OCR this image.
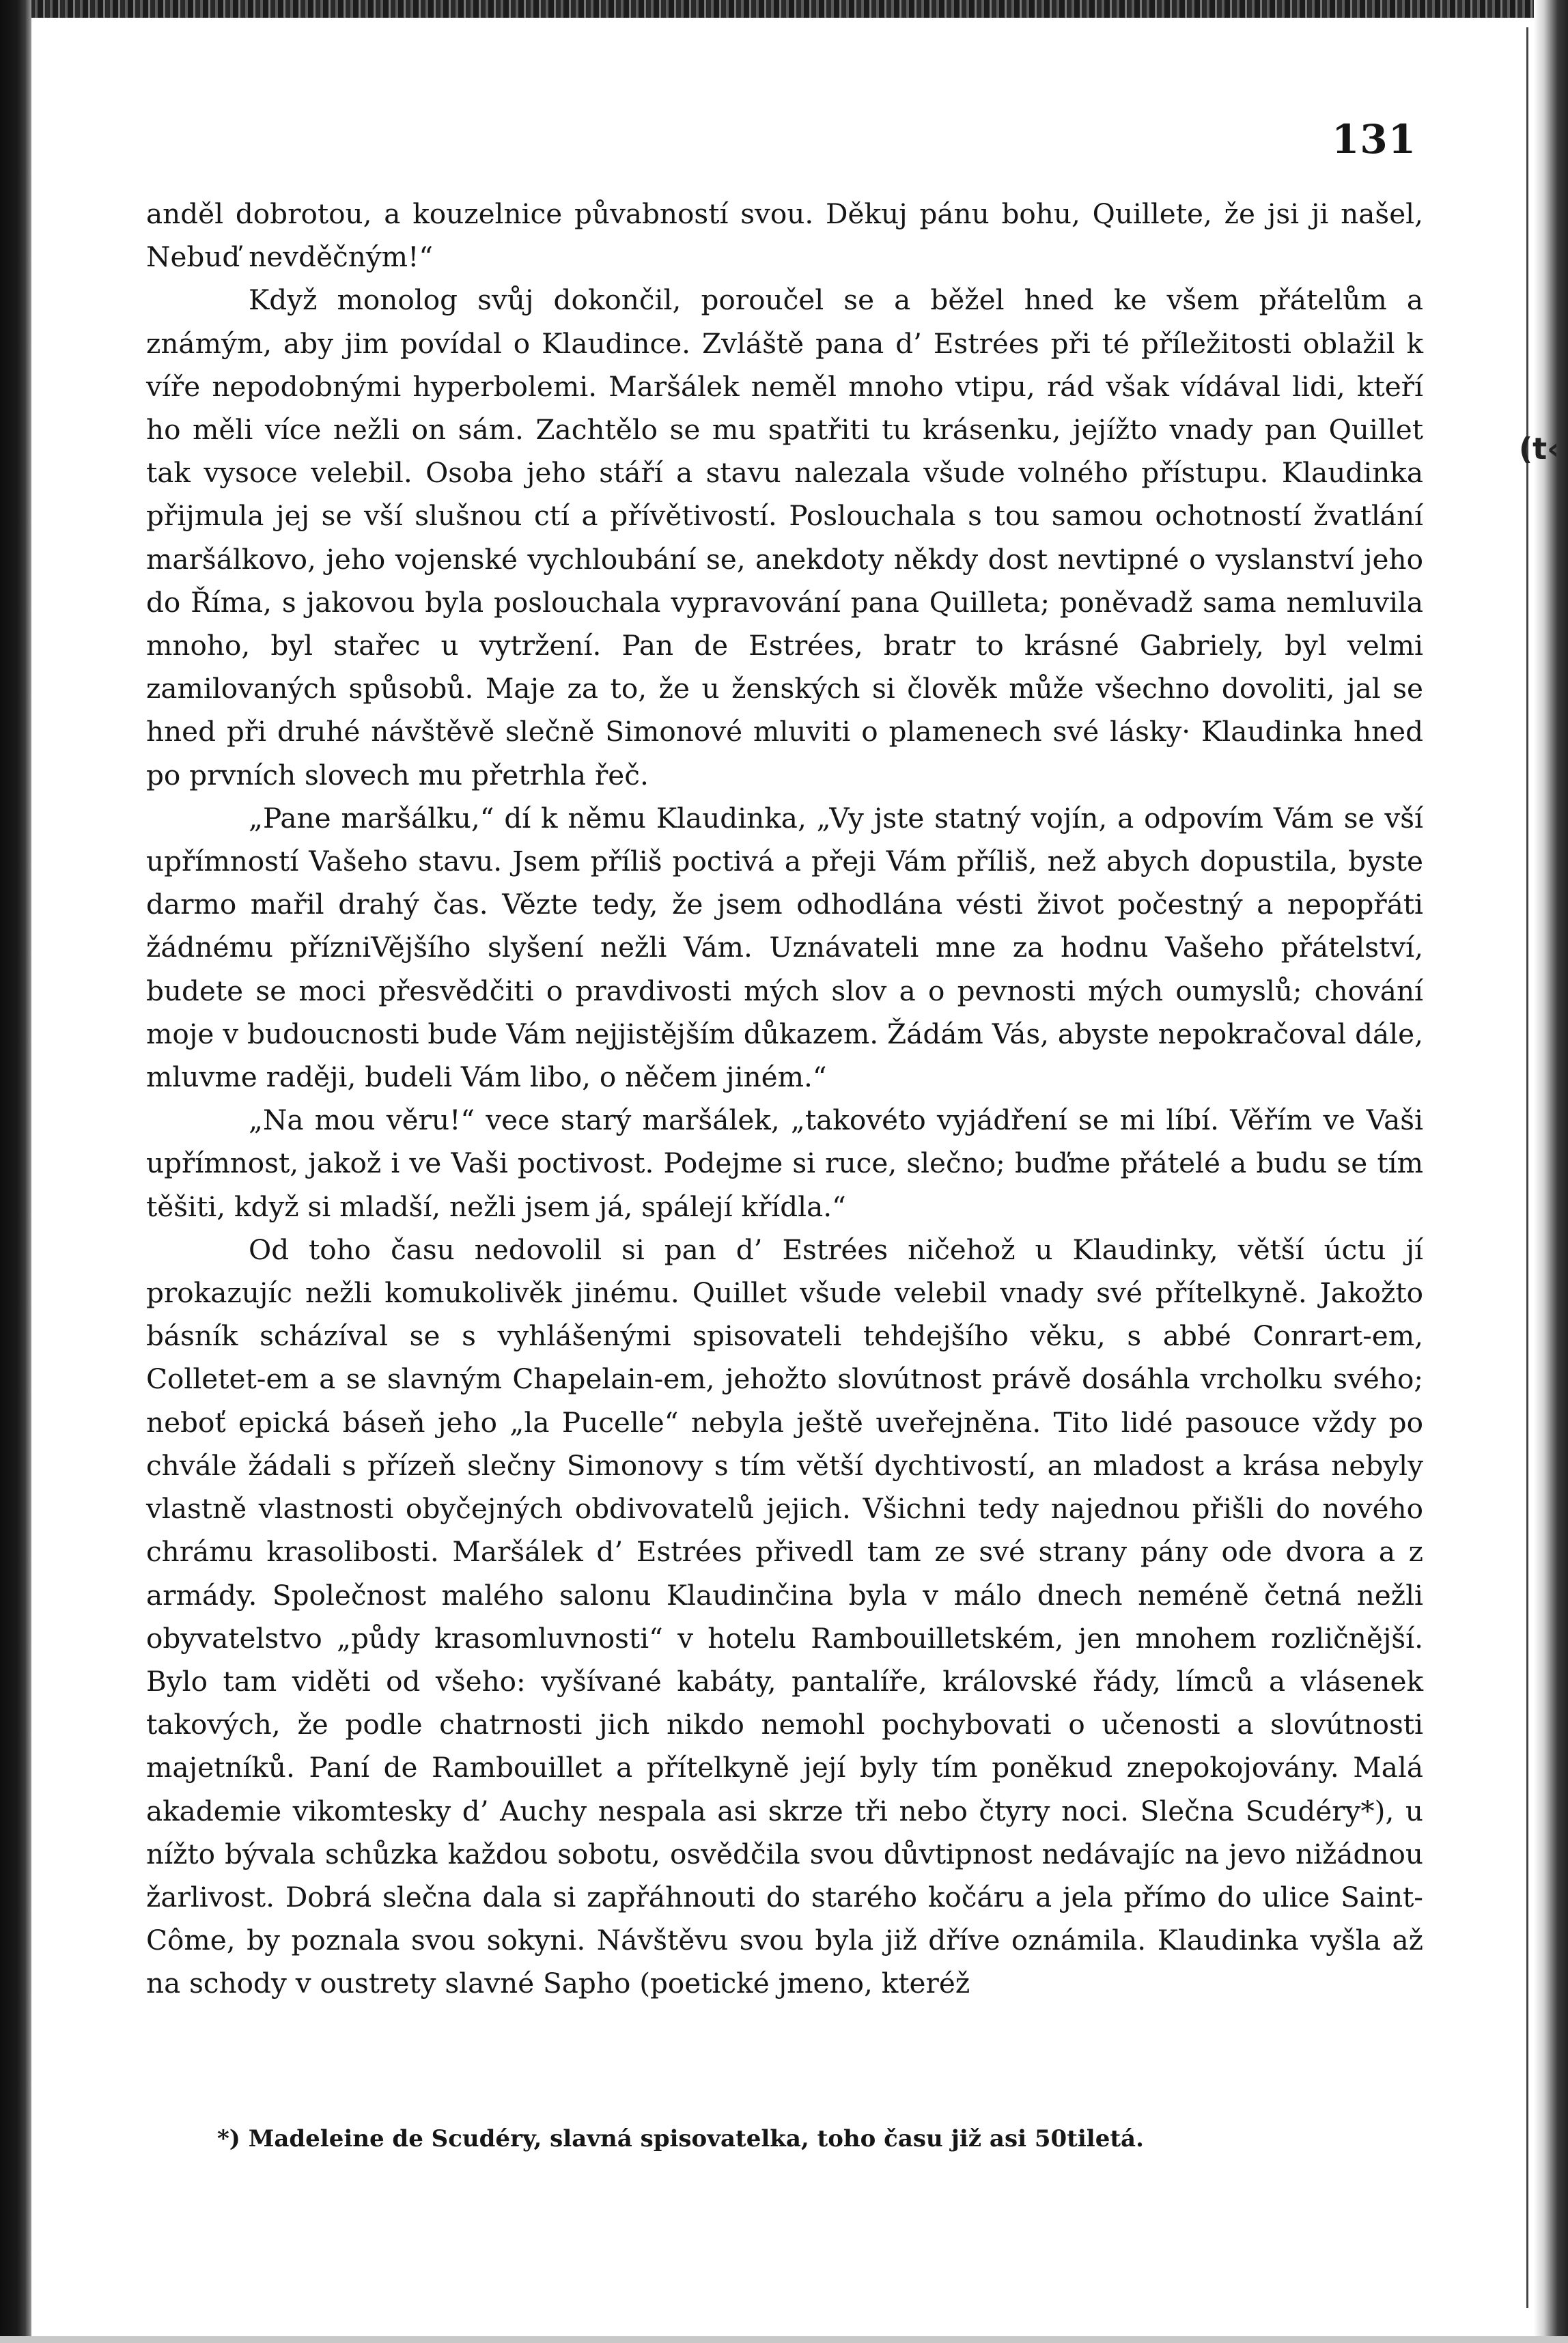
(t‹
131

anděl dobrotou, a kouzelnice půvabností svou. Děkuj pánu bohu, Quillete, že jsi ji našel, Nebuď nevděčným!“

Když monolog svůj dokončil, poroučel se a běžel hned ke všem přátelům a známým, aby jim povídal o Klaudince. Zvláště pana d’ Estrées při té příležitosti oblažil k víře nepodobnými hyperbolemi. Maršálek neměl mnoho vtipu, rád však vídával lidi, kteří ho měli více nežli on sám. Zachtělo se mu spatřiti tu krásenku, jejížto vnady pan Quillet tak vysoce velebil. Osoba jeho stáří a stavu nalezala všude volného přístupu. Klaudinka přijmula jej se vší slušnou ctí a přívětivostí. Poslouchala s tou samou ochotností žvatlání maršálkovo, jeho vojenské vychloubání se, anekdoty někdy dost nevtipné o vyslanství jeho do Říma, s jakovou byla poslouchala vypravování pana Quilleta; poněvadž sama nemluvila mnoho, byl stařec u vytržení. Pan de Estrées, bratr to krásné Gabriely, byl velmi zamilovaných spůsobů. Maje za to, že u ženských si člověk může všechno dovoliti, jal se hned při druhé návštěvě slečně Simonové mluviti o plamenech své lásky· Klaudinka hned po prvních slovech mu přetrhla řeč.

„Pane maršálku,“ dí k němu Klaudinka, „Vy jste statný vojín, a odpovím Vám se vší upřímností Vašeho stavu. Jsem příliš poctivá a přeji Vám příliš, než abych dopustila, byste darmo mařil drahý čas. Vězte tedy, že jsem odhodlána vésti život počestný a nepopřáti žádnému přízniVějšího slyšení nežli Vám. Uznávateli mne za hodnu Vašeho přátelství, budete se moci přesvědčiti o pravdivosti mých slov a o pevnosti mých oumyslů; chování moje v budoucnosti bude Vám nejjistějším důkazem. Žádám Vás, abyste nepokračoval dále, mluvme raději, budeli Vám libo, o něčem jiném.“

„Na mou věru!“ vece starý maršálek, „takovéto vyjádření se mi líbí. Věřím ve Vaši upřímnost, jakož i ve Vaši poctivost. Podejme si ruce, slečno; buďme přátelé a budu se tím těšiti, když si mladší, nežli jsem já, spálejí křídla.“

Od toho času nedovolil si pan d’ Estrées ničehož u Klaudinky, větší úctu jí prokazujíc nežli komukolivěk jinému. Quillet všude velebil vnady své přítelkyně. Jakožto básník scházíval se s vyhlášenými spisovateli tehdejšího věku, s abbé Conrart-em, Colletet-em a se slavným Chapelain-em, jehožto slovútnost právě dosáhla vrcholku svého; neboť epická báseň jeho „la Pucelle“ nebyla ještě uveřejněna. Tito lidé pasouce vždy po chvále žádali s přízeň slečny Simonovy s tím větší dychtivostí, an mladost a krása nebyly vlastně vlastnosti obyčejných obdivovatelů jejich. Všichni tedy najednou přišli do nového chrámu krasolibosti. Maršálek d’ Estrées přivedl tam ze své strany pány ode dvora a z armády. Společnost malého salonu Klaudinčina byla v málo dnech neméně četná nežli obyvatelstvo „půdy krasomluvnosti“ v hotelu Rambouilletském, jen mnohem rozličnější. Bylo tam viděti od všeho: vyšívané kabáty, pantalíře, královské řády, límců a vlásenek takových, že podle chatrnosti jich nikdo nemohl pochybovati o učenosti a slovútnosti majetníků. Paní de Rambouillet a přítelkyně její byly tím poněkud znepokojovány. Malá akademie vikomtesky d’ Auchy nespala asi skrze tři nebo čtyry noci. Slečna Scudéry*), u nížto bývala schůzka každou sobotu, osvědčila svou důvtipnost nedávajíc na jevo nižádnou žarlivost. Dobrá slečna dala si zapřáhnouti do starého kočáru a jela přímo do ulice Saint-Côme, by poznala svou sokyni. Návštěvu svou byla již dříve oznámila. Klaudinka vyšla až na schody v oustrety slavné Sapho (poetické jmeno, kteréž

*) Madeleine de Scudéry, slavná spisovatelka, toho času již asi 50tiletá.
